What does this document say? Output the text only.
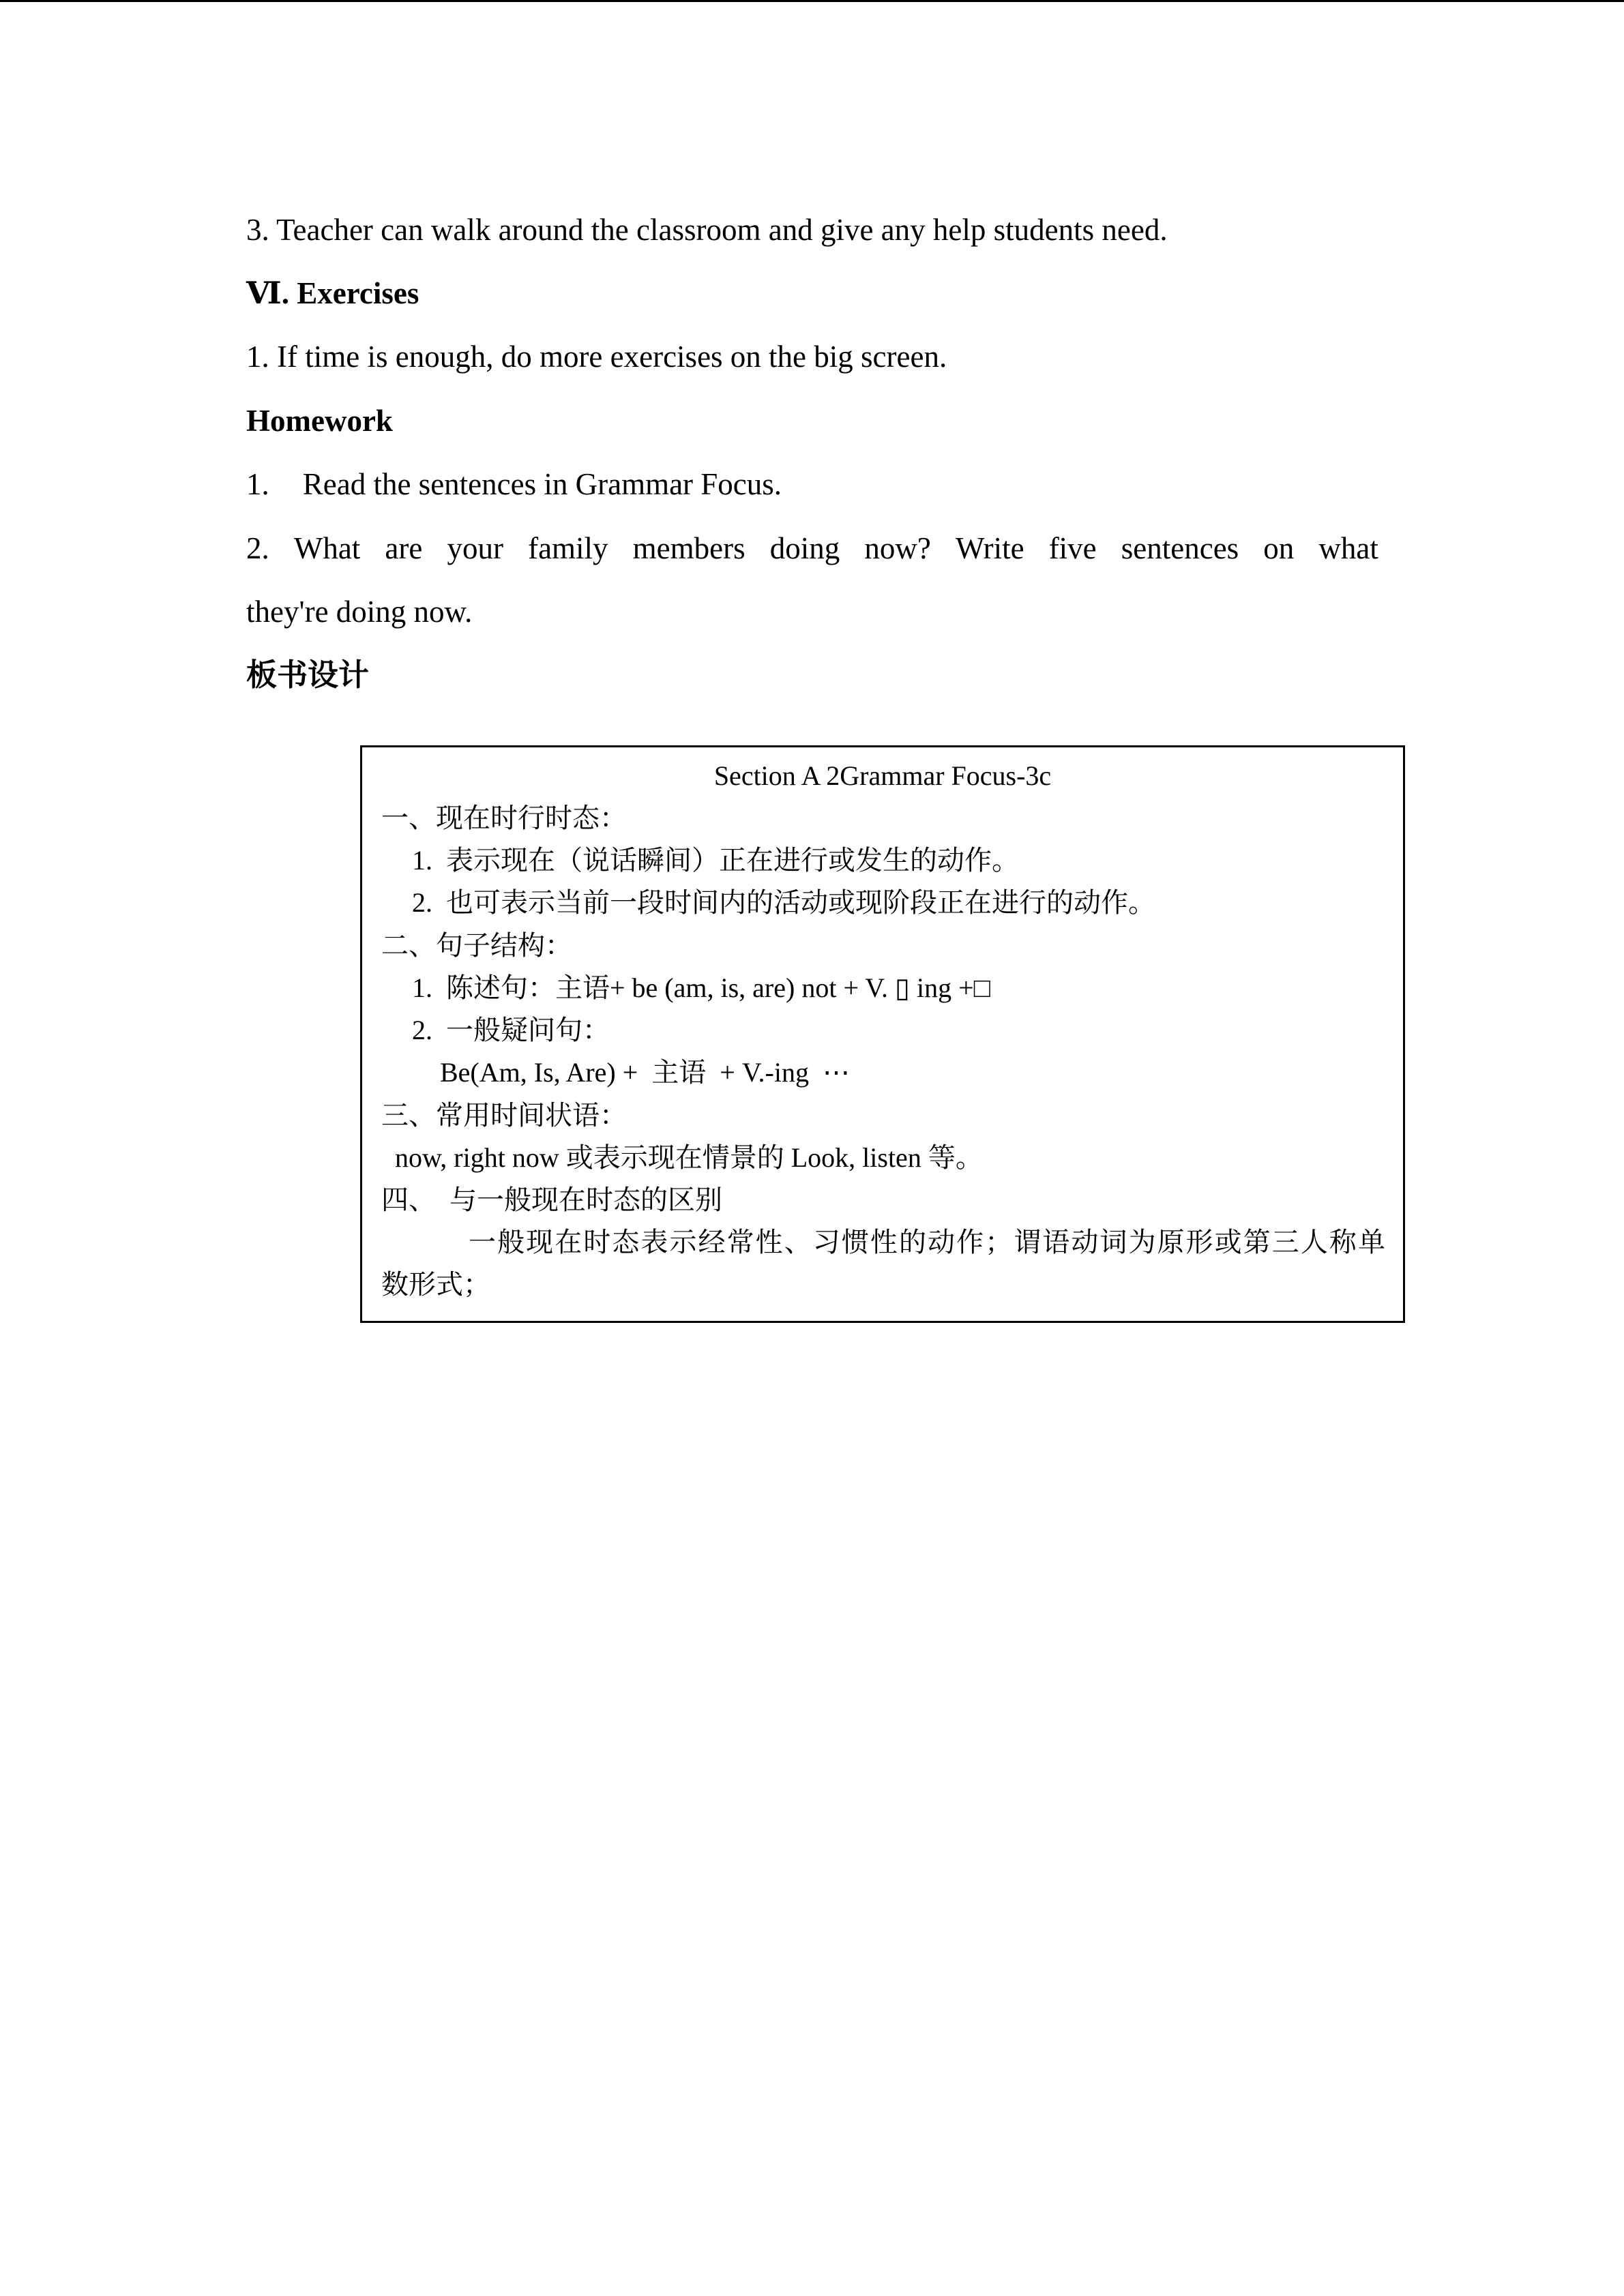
3. Teacher can walk around the classroom and give any help students need.
Ⅵ. Exercises
1. If time is enough, do more exercises on the big screen.
Homework
1. Read the sentences in Grammar Focus.
2. What are your family members doing now? Write five sentences on what
they're doing now.
板书设计
Section A 2Grammar Focus-3c
一、现在时行时态：
1.  表示现在（说话瞬间）正在进行或发生的动作。
2.  也可表示当前一段时间内的活动或现阶段正在进行的动作。
二、句子结构：
1.  陈述句：主语+ be (am, is, are) not + V. ▯ ing +□
2.  一般疑问句：
Be(Am, Is, Are) +  主语  + V.-ing  ⋯
三、常用时间状语：
now, right now 或表示现在情景的 Look, listen 等。
四、  与一般现在时态的区别
一 般 现 在 时 态 表 示 经 常 性 、 习 惯 性 的 动 作 ； 谓 语 动 词 为 原 形 或 第 三 人 称 单
数形式；
